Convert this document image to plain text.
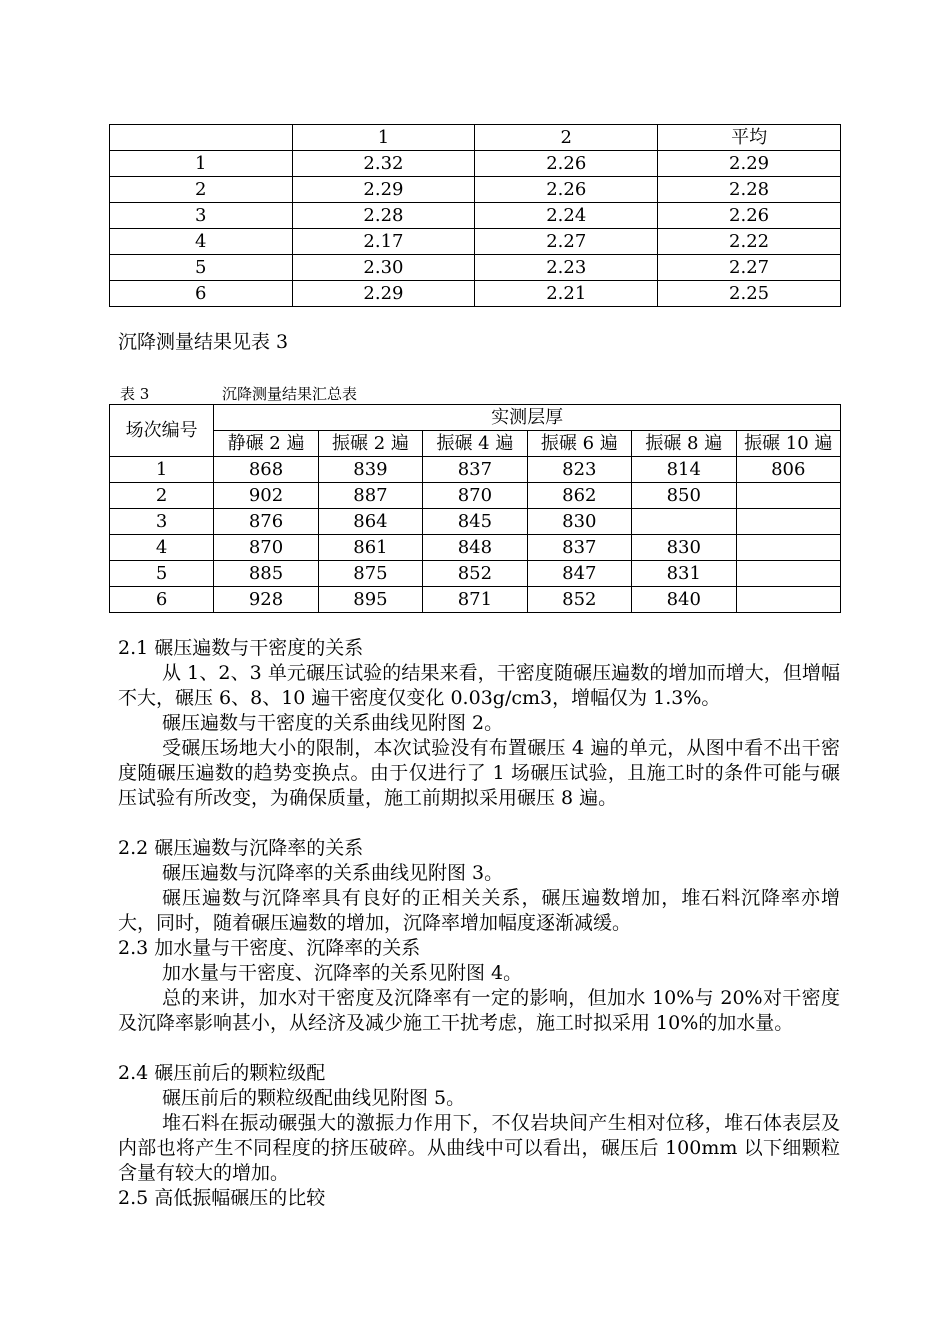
	1	2	平均
1	2.32	2.26	2.29
2	2.29	2.26	2.28
3	2.28	2.24	2.26
4	2.17	2.27	2.22
5	2.30	2.23	2.27
6	2.29	2.21	2.25
沉降测量结果见表 3
表 3	沉降测量结果汇总表
场次编号	实测层厚					
	静碾 2 遍	振碾 2 遍	振碾 4 遍	振碾 6 遍	振碾 8 遍	振碾 10 遍
1	868	839	837	823	814	806
2	902	887	870	862	850	
3	876	864	845	830		
4	870	861	848	837	830	
5	885	875	852	847	831	
6	928	895	871	852	840	
2.1 碾压遍数与干密度的关系
从 1、2、3 单元碾压试验的结果来看，干密度随碾压遍数的增加而增大，但增幅不大，碾压 6、8、10 遍干密度仅变化 0.03g/cm3，增幅仅为 1.3%。
碾压遍数与干密度的关系曲线见附图 2。
受碾压场地大小的限制，本次试验没有布置碾压 4 遍的单元，从图中看不出干密度随碾压遍数的趋势变换点。由于仅进行了 1 场碾压试验，且施工时的条件可能与碾压试验有所改变，为确保质量，施工前期拟采用碾压 8 遍。
2.2 碾压遍数与沉降率的关系
碾压遍数与沉降率的关系曲线见附图 3。
碾压遍数与沉降率具有良好的正相关关系，碾压遍数增加，堆石料沉降率亦增大，同时，随着碾压遍数的增加，沉降率增加幅度逐渐减缓。
2.3 加水量与干密度、沉降率的关系
加水量与干密度、沉降率的关系见附图 4。
总的来讲，加水对干密度及沉降率有一定的影响，但加水 10%与 20%对干密度及沉降率影响甚小，从经济及减少施工干扰考虑，施工时拟采用 10%的加水量。
2.4 碾压前后的颗粒级配
碾压前后的颗粒级配曲线见附图 5。
堆石料在振动碾强大的激振力作用下，不仅岩块间产生相对位移，堆石体表层及内部也将产生不同程度的挤压破碎。从曲线中可以看出，碾压后 100mm 以下细颗粒含量有较大的增加。
2.5 高低振幅碾压的比较
